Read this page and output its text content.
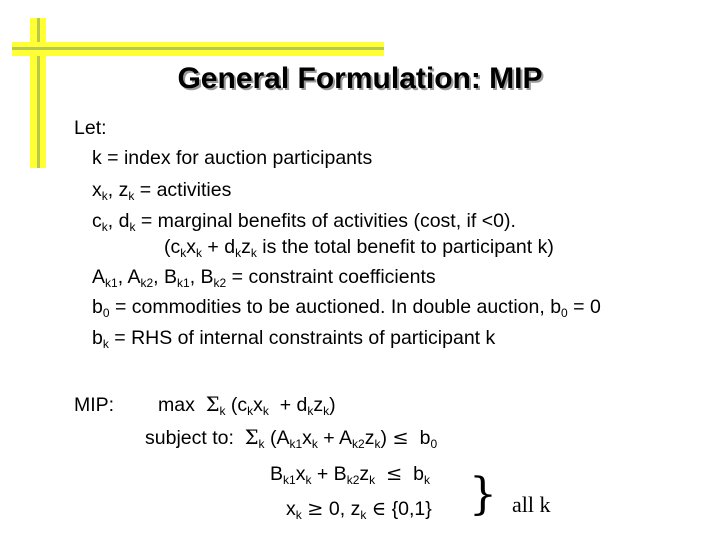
General Formulation: MIP
Let:
k = index for auction participants
$x_k$, $z_k$ = activities
$c_k$, $d_k$ = marginal benefits of activities (cost, if <0).
($c_kx_k + d_kz_k$ is the total benefit to participant k)
$A_{k1}$, $A_{k2}$, $B_{k1}$, $B_{k2}$ = constraint coefficients
$b_0$ = commodities to be auctioned. In double auction, $b_0 = 0$
$b_k$ = RHS of internal constraints of participant k
MIP: $\max \Sigma_k$ $(c_kx_k + d_kz_k)$
subject to: $\Sigma_k$ $(A_{k1}x_k + A_{k2}z_k) \le b_0$
$B_{k1}x_k + B_{k2}z_k \le b_k$
$x_k \ge 0$, $z_k$ ∈ {0,1} } all k
